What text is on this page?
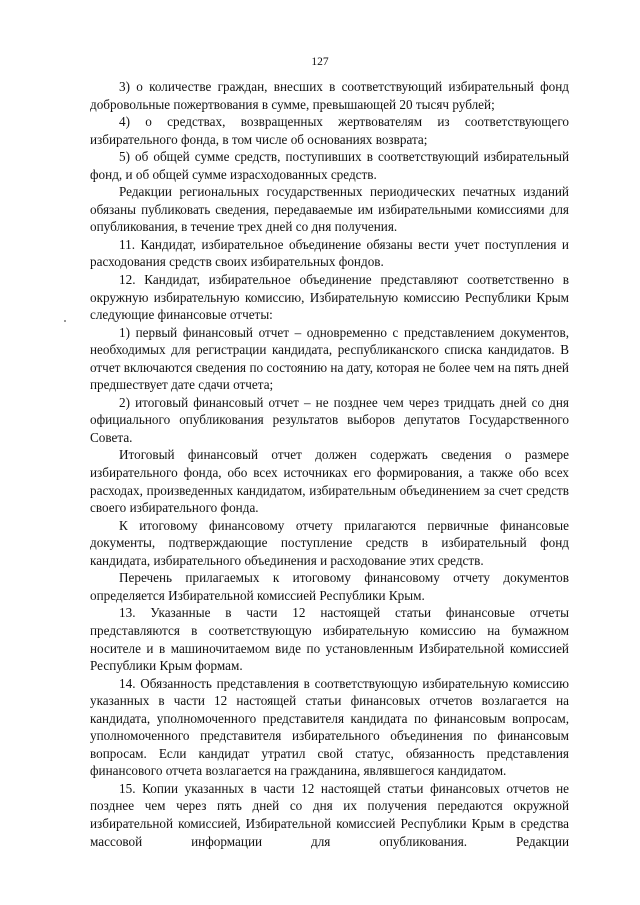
127

3) о количестве граждан, внесших в соответствующий избирательный фонд добровольные пожертвования в сумме, превышающей 20 тысяч рублей;

4) о средствах, возвращенных жертвователям из соответствующего избирательного фонда, в том числе об основаниях возврата;

5) об общей сумме средств, поступивших в соответствующий избирательный фонд, и об общей сумме израсходованных средств.

Редакции региональных государственных периодических печатных изданий обязаны публиковать сведения, передаваемые им избирательными комиссиями для опубликования, в течение трех дней со дня получения.

11. Кандидат, избирательное объединение обязаны вести учет поступления и расходования средств своих избирательных фондов.

12. Кандидат, избирательное объединение представляют соответственно в окружную избирательную комиссию, Избирательную комиссию Республики Крым следующие финансовые отчеты:

1) первый финансовый отчет – одновременно с представлением документов, необходимых для регистрации кандидата, республиканского списка кандидатов. В отчет включаются сведения по состоянию на дату, которая не более чем на пять дней предшествует дате сдачи отчета;

2) итоговый финансовый отчет – не позднее чем через тридцать дней со дня официального опубликования результатов выборов депутатов Государственного Совета.

Итоговый финансовый отчет должен содержать сведения о размере избирательного фонда, обо всех источниках его формирования, а также обо всех расходах, произведенных кандидатом, избирательным объединением за счет средств своего избирательного фонда.

К итоговому финансовому отчету прилагаются первичные финансовые документы, подтверждающие поступление средств в избирательный фонд кандидата, избирательного объединения и расходование этих средств.

Перечень прилагаемых к итоговому финансовому отчету документов определяется Избирательной комиссией Республики Крым.

13. Указанные в части 12 настоящей статьи финансовые отчеты представляются в соответствующую избирательную комиссию на бумажном носителе и в машиночитаемом виде по установленным Избирательной комиссией Республики Крым формам.

14. Обязанность представления в соответствующую избирательную комиссию указанных в части 12 настоящей статьи финансовых отчетов возлагается на кандидата, уполномоченного представителя кандидата по финансовым вопросам, уполномоченного представителя избирательного объединения по финансовым вопросам. Если кандидат утратил свой статус, обязанность представления финансового отчета возлагается на гражданина, являвшегося кандидатом.

15. Копии указанных в части 12 настоящей статьи финансовых отчетов не позднее чем через пять дней со дня их получения передаются окружной избирательной комиссией, Избирательной комиссией Республики Крым в средства массовой информации для опубликования. Редакции
